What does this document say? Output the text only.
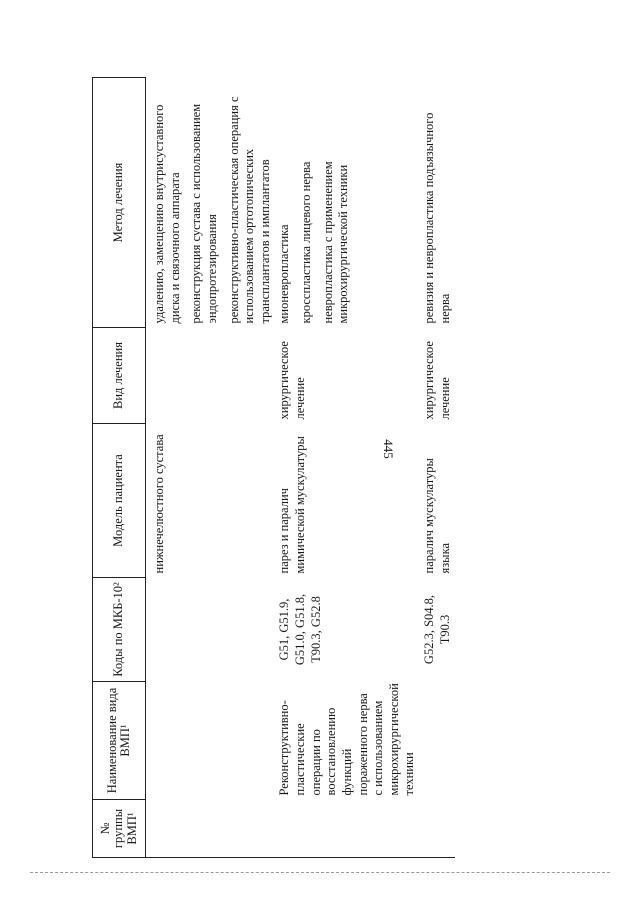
445
№ группы ВМП¹	Наименование вида ВМП¹	Коды по МКБ-10²	Модель пациента	Вид лечения	Метод лечения
			нижнечелюстного сустава		удалению, замещению внутрисуставного диска и связочного аппарата реконструкция сустава с использованием эндопротезирования реконструктивно-пластическая операция с использованием ортотопических трансплантатов и имплантатов

	Реконструктивно-пластические операции по восстановлению функций пораженного нерва с использованием микрохирургической техники	G51, G51.9, G51.0, G51.8, T90.3, G52.8	парез и паралич мимической мускулатуры	хирургическое лечение	мионевропластика кросспластика лицевого нерва невропластика с применением микрохирургической техники

		G52.3, S04.8, T90.3	паралич мускулатуры языка	хирургическое лечение	ревизия и невропластика подъязычного нерва
